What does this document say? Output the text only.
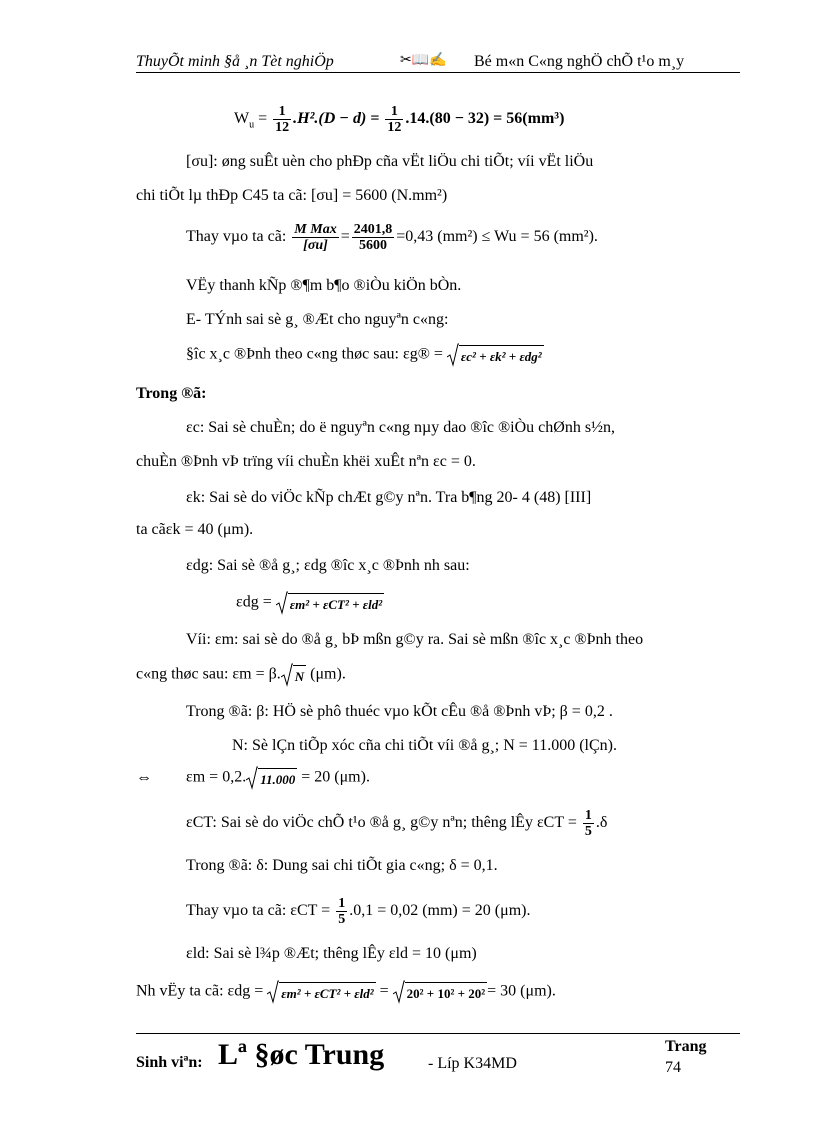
ThuyÕt minh §å ¸n Tèt nghiÖp	✂📖✍ Bé m«n C«ng nghÖ chÕ t¹o m¸y
$W_u = \frac{1}{12} .H^2.(D - d) = \frac{1}{12} .14.(80 - 32) = 56(mm^3)$
[σu]: øng suÊt uèn cho phÐp cña vËt liÖu chi tiÕt; víi vËt liÖu
chi tiÕt lµ thÐp C45 ta cã: [σu] = 5600 (N.mm²)
Thay vµo ta cã: $\frac{\text{M Max}}{[\sigma u]} = \frac{2401,8}{5600} =0,43$ (mm²) ≤ Wu = 56 (mm²).
VËy thanh kÑp ®¶m b¶o ®iÒu kiÖn bÒn.
E- TÝnh sai sè g¸ ®Æt cho nguyªn c«ng:
§îc x¸c ®Þnh theo c«ng thøc sau: εg® = εc² + εk² + εdg²
Trong ®ã:
εc: Sai sè chuÈn; do ë nguyªn c«ng nµy dao ®îc ®iÒu chØnh s½n,
chuÈn ®Þnh vÞ trïng víi chuÈn khëi xuÊt nªn εc = 0.
εk: Sai sè do viÖc kÑp chÆt g©y nªn. Tra b¶ng 20- 4 (48) [III]
ta cãεk = 40 (μm).
εdg: Sai sè ®å g¸; εdg ®îc x¸c ®Þnh nh sau:
εdg = εm² + εCT² + εld²
Víi: εm: sai sè do ®å g¸ bÞ mßn g©y ra. Sai sè mßn ®îc x¸c ®Þnh theo
c«ng thøc sau: εm = β. N (μm).
Trong ®ã: β: HÖ sè phô thuéc vµo kÕt cÊu ®å ®Þnh vÞ; β = 0,2 .
N: Sè lÇn tiÕp xóc cña chi tiÕt víi ®å g¸; N = 11.000 (lÇn).
⇔ εm = 0,2. 11.000 = 20 (μm).
εCT: Sai sè do viÖc chÕ t¹o ®å g¸ g©y nªn; thêng lÊy $\varepsilon CT = \frac{1}{5} .\delta$
Trong ®ã: δ: Dung sai chi tiÕt gia c«ng; δ = 0,1.
Thay vµo ta cã: $\varepsilon CT = \frac{1}{5} .0,1 = 0,02$ (mm) = 20 (μm).
εld: Sai sè l¾p ®Æt; thêng lÊy εld = 10 (μm)
Nh vËy ta cã: εdg = εm² + εCT² + εld² = 20² + 10² + 20² = 30 (μm).
Sinh viªn: Lª §øc Trung	- Líp K34MD
Trang
74
